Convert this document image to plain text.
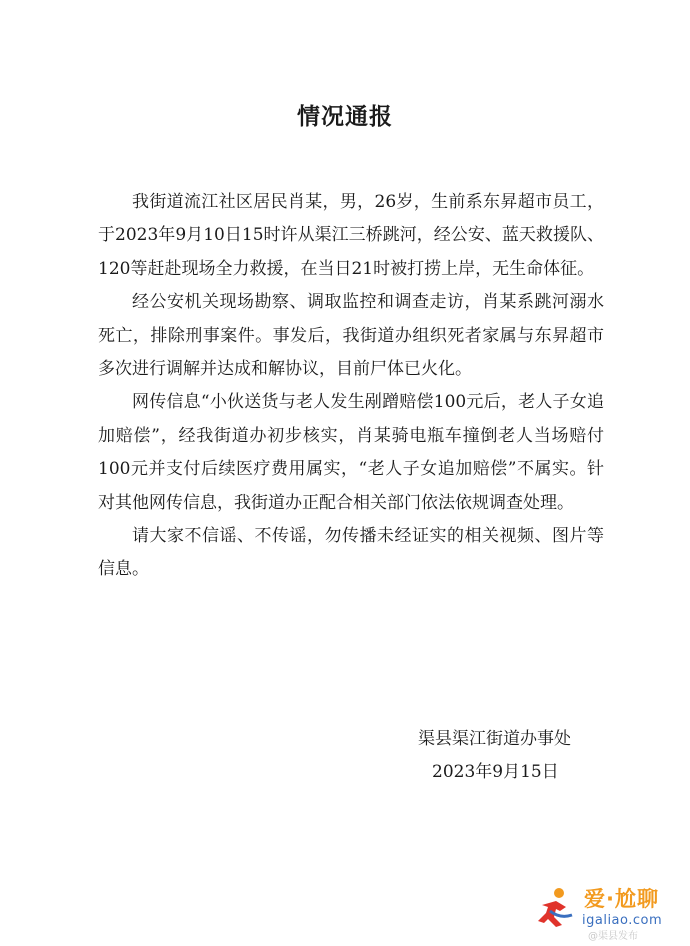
情况通报

我街道流江社区居民肖某，男，26岁，生前系东昇超市员工，于2023年9月10日15时许从渠江三桥跳河，经公安、蓝天救援队、120等赶赴现场全力救援，在当日21时被打捞上岸，无生命体征。

经公安机关现场勘察、调取监控和调查走访，肖某系跳河溺水死亡，排除刑事案件。事发后，我街道办组织死者家属与东昇超市多次进行调解并达成和解协议，目前尸体已火化。

网传信息“小伙送货与老人发生剐蹭赔偿100元后，老人子女追加赔偿”，经我街道办初步核实，肖某骑电瓶车撞倒老人当场赔付100元并支付后续医疗费用属实，“老人子女追加赔偿”不属实。针对其他网传信息，我街道办正配合相关部门依法依规调查处理。

请大家不信谣、不传谣，勿传播未经证实的相关视频、图片等信息。

渠县渠江街道办事处
2023年9月15日
爱·尬聊
igaliao.com
@渠县发布
